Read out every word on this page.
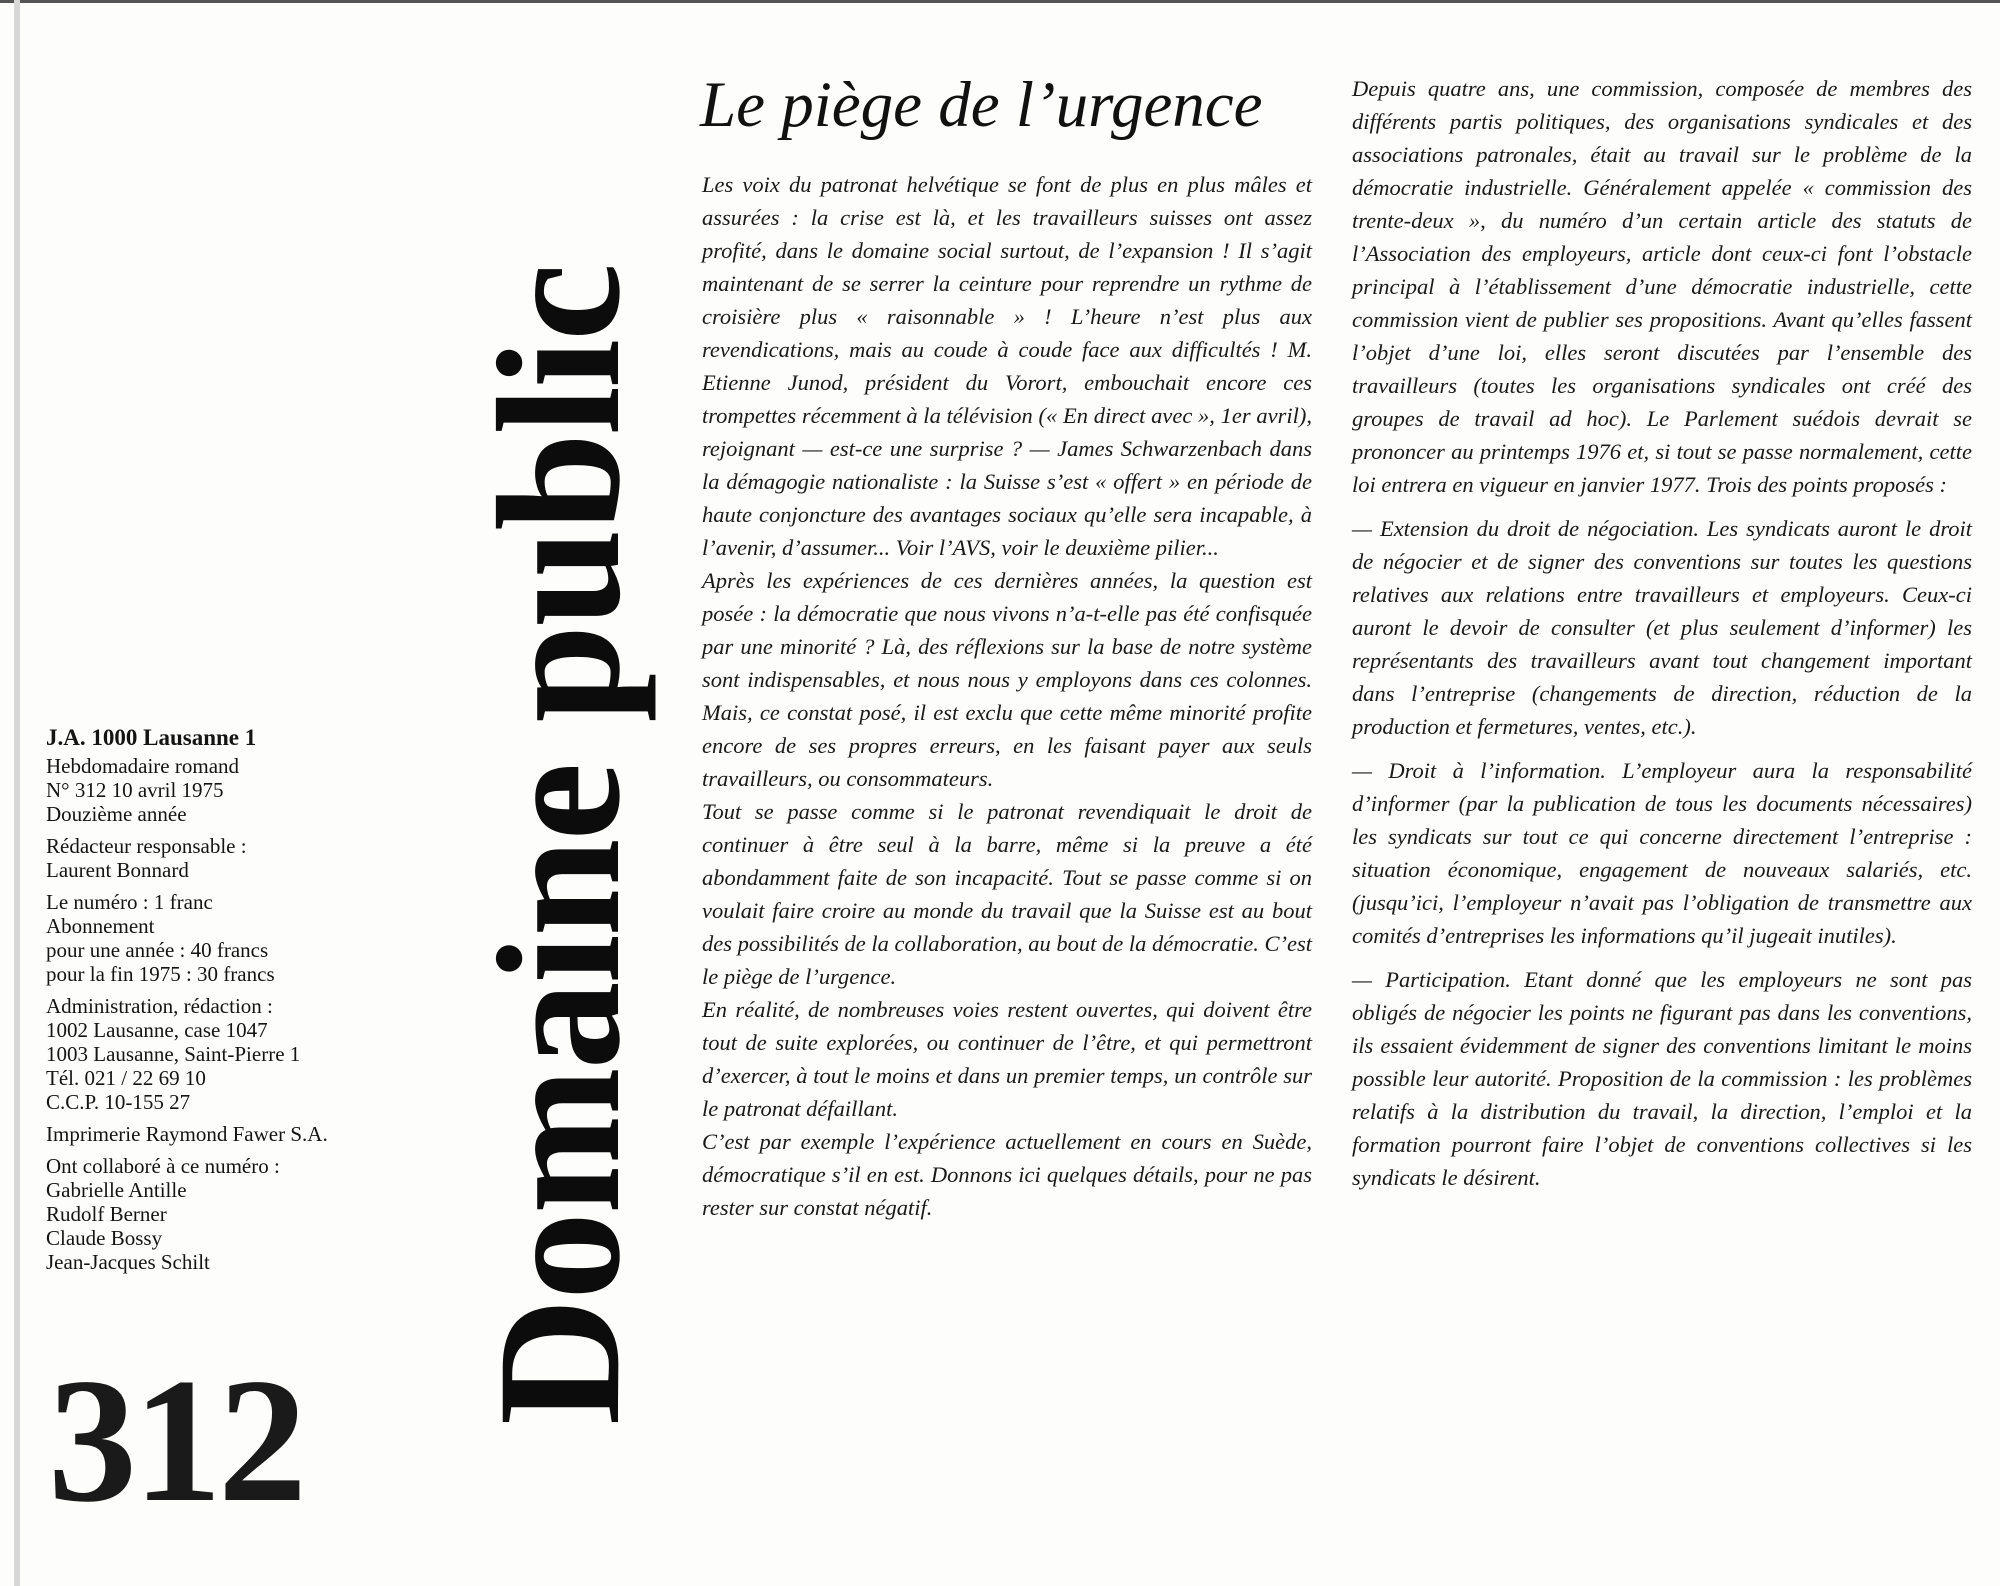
J.A. 1000 Lausanne 1
Hebdomadaire romand
N° 312 10 avril 1975
Douzième année
Rédacteur responsable :
Laurent Bonnard
Le numéro : 1 franc
Abonnement
pour une année : 40 francs
pour la fin 1975 : 30 francs
Administration, rédaction :
1002 Lausanne, case 1047
1003 Lausanne, Saint-Pierre 1
Tél. 021 / 22 69 10
C.C.P. 10-155 27
Imprimerie Raymond Fawer S.A.
Ont collaboré à ce numéro :
Gabrielle Antille
Rudolf Berner
Claude Bossy
Jean-Jacques Schilt
312
Domaine public
Le piège de l’urgence

Les voix du patronat helvétique se font de plus en plus mâles et assurées : la crise est là, et les travailleurs suisses ont assez profité, dans le domaine social surtout, de l’expansion ! Il s’agit maintenant de se serrer la ceinture pour reprendre un rythme de croisière plus « raisonnable » ! L’heure n’est plus aux revendications, mais au coude à coude face aux difficultés ! M. Etienne Junod, président du Vorort, embouchait encore ces trompettes récemment à la télévision (« En direct avec », 1er avril), rejoignant — est-ce une surprise ? — James Schwarzenbach dans la démagogie nationaliste : la Suisse s’est « offert » en période de haute conjoncture des avantages sociaux qu’elle sera incapable, à l’avenir, d’assumer... Voir l’AVS, voir le deuxième pilier...

Après les expériences de ces dernières années, la question est posée : la démocratie que nous vivons n’a-t-elle pas été confisquée par une minorité ? Là, des réflexions sur la base de notre système sont indispensables, et nous nous y employons dans ces colonnes. Mais, ce constat posé, il est exclu que cette même minorité profite encore de ses propres erreurs, en les faisant payer aux seuls travailleurs, ou consommateurs.

Tout se passe comme si le patronat revendiquait le droit de continuer à être seul à la barre, même si la preuve a été abondamment faite de son incapacité. Tout se passe comme si on voulait faire croire au monde du travail que la Suisse est au bout des possibilités de la collaboration, au bout de la démocratie. C’est le piège de l’urgence.

En réalité, de nombreuses voies restent ouvertes, qui doivent être tout de suite explorées, ou continuer de l’être, et qui permettront d’exercer, à tout le moins et dans un premier temps, un contrôle sur le patronat défaillant.

C’est par exemple l’expérience actuellement en cours en Suède, démocratique s’il en est. Donnons ici quelques détails, pour ne pas rester sur constat négatif.

Depuis quatre ans, une commission, composée de membres des différents partis politiques, des organisations syndicales et des associations patronales, était au travail sur le problème de la démocratie industrielle. Généralement appelée « commission des trente-deux », du numéro d’un certain article des statuts de l’Association des employeurs, article dont ceux-ci font l’obstacle principal à l’établissement d’une démocratie industrielle, cette commission vient de publier ses propositions. Avant qu’elles fassent l’objet d’une loi, elles seront discutées par l’ensemble des travailleurs (toutes les organisations syndicales ont créé des groupes de travail ad hoc). Le Parlement suédois devrait se prononcer au printemps 1976 et, si tout se passe normalement, cette loi entrera en vigueur en janvier 1977. Trois des points proposés :

— Extension du droit de négociation. Les syndicats auront le droit de négocier et de signer des conventions sur toutes les questions relatives aux relations entre travailleurs et employeurs. Ceux-ci auront le devoir de consulter (et plus seulement d’informer) les représentants des travailleurs avant tout changement important dans l’entreprise (changements de direction, réduction de la production et fermetures, ventes, etc.).

— Droit à l’information. L’employeur aura la responsabilité d’informer (par la publication de tous les documents nécessaires) les syndicats sur tout ce qui concerne directement l’entreprise : situation économique, engagement de nouveaux salariés, etc. (jusqu’ici, l’employeur n’avait pas l’obligation de transmettre aux comités d’entreprises les informations qu’il jugeait inutiles).

— Participation. Etant donné que les employeurs ne sont pas obligés de négocier les points ne figurant pas dans les conventions, ils essaient évidemment de signer des conventions limitant le moins possible leur autorité. Proposition de la commission : les problèmes relatifs à la distribution du travail, la direction, l’emploi et la formation pourront faire l’objet de conventions collectives si les syndicats le désirent.
